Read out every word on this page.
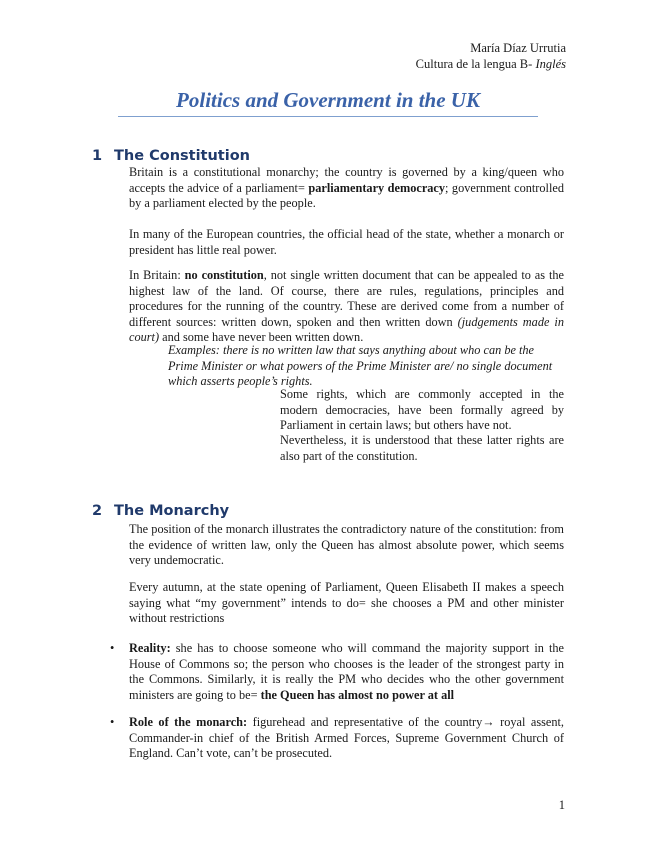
María Díaz Urrutia
Cultura de la lengua B- Inglés
Politics and Government in the UK
1 The Constitution
Britain is a constitutional monarchy; the country is governed by a king/queen who accepts the advice of a parliament= parliamentary democracy; government controlled by a parliament elected by the people.
In many of the European countries, the official head of the state, whether a monarch or president has little real power.
In Britain: no constitution, not single written document that can be appealed to as the highest law of the land. Of course, there are rules, regulations, principles and procedures for the running of the country. These are derived come from a number of different sources: written down, spoken and then written down (judgements made in court) and some have never been written down.
Examples: there is no written law that says anything about who can be the Prime Minister or what powers of the Prime Minister are/ no single document which asserts people’s rights.
Some rights, which are commonly accepted in the modern democracies, have been formally agreed by Parliament in certain laws; but others have not.
Nevertheless, it is understood that these latter rights are also part of the constitution.
2 The Monarchy
The position of the monarch illustrates the contradictory nature of the constitution: from the evidence of written law, only the Queen has almost absolute power, which seems very undemocratic.
Every autumn, at the state opening of Parliament, Queen Elisabeth II makes a speech saying what “my government” intends to do= she chooses a PM and other minister without restrictions
• Reality: she has to choose someone who will command the majority support in the House of Commons so; the person who chooses is the leader of the strongest party in the Commons. Similarly, it is really the PM who decides who the other government ministers are going to be= the Queen has almost no power at all
• Role of the monarch: figurehead and representative of the country→ royal assent, Commander-in chief of the British Armed Forces, Supreme Government Church of England. Can’t vote, can’t be prosecuted.
1
